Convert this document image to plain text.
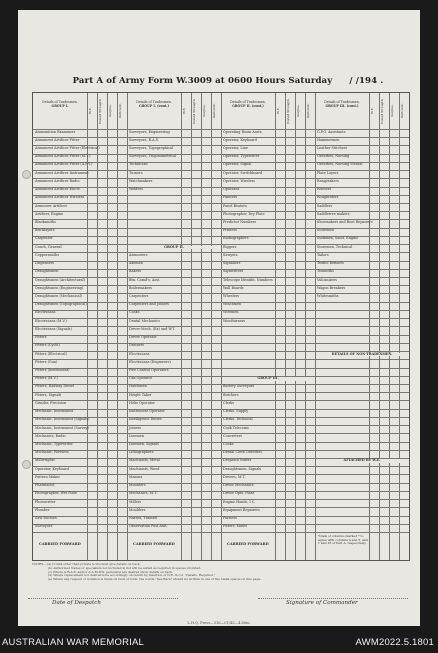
Part A of Army Form W.3009 at 0600 Hours Saturday / /194 .
Details of Tradesmen.
GROUP I.
W.E.	Posted Strength.	Surplus.	Deficient.
Ammunition Examiners
Armament Artificer Fitter
Armament Artificer Fitter (Electrical)
Armament Artificer Fitter (M.T.)
Armament Artificer Fitter (A.F.V.)
Armament Artificer Instrument
Armament Artificer Radio
Armament Artificer Electr
Armament Artificer Wireless
Armourer Artificer
Artificer, Engine
Blacksmiths
Bricklayers
Carpenter
Coach, General
Coppersmiths
Dispensers
Draughtsmen
Draughtsmen (Architectural)
Draughtsmen (Engineering)
Draughtsmen (Mechanical)
Draughtsmen (Topographical)
Electricians
Electricians (M.V.)
Electricians (Signals)
Fitters
Fitters (Cycle)
Fitters (Electrical)
Fitters (Gun)
Fitters (Instrument)
Fitters (M.V.)
Fitters, Railway Diesel
Fitters, Signals
Grinder, Precision
Mechanic, Instrument
Mechanic, Instrument (Signals)
Mechanic, Instrument (Survey)
Mechanics, Radio
Mechanic, Typewriter
Mechanic, Wireless
Millwrights
Operator, Keyboard
Pattern Maker
Pharmacist
Photographer, Wet Plate
Photowriter
Plumber
Saw Doctors
Surveyors
CARRIED FORWARD
Details of Tradesmen.
GROUP I. (cont.)
W.E.	Posted Strength.	Surplus.	Deficient.
Surveyors, Engineering
Surveyors, R.A.S.
Surveyors, Topographical
Surveyors, Trigonometrical
Technician
Turners
Watchmakers
Welders
GROUP II.
Armourers
Axemen
Bakers
Btn. Comd's, Asst.
Boilermakers
Carpenters
Carpenters and Joiners
Cooks
Dental Mechanics
Driver-Mech. (Ex) and W.T.
Driver Operator
Drainers
Electricians
Electricians (Engineers)
Fire Control Operators
Gas Operator
Hatchmen
Height Taker
Helio Operator
Instrument Operator
Intelligence Duties
Joiners
Linemen
Linemen, Signals
Lithographers
Machinists, Metal
Machinists, Wood
Masons
Mounters
Mechanics, M.T.
Millers
Moulders
Nurses, Trained
Observation Post Asst.
CARRIED FORWARD
Details of Tradesmen.
GROUP II. (cont.)
W.E.	Posted Strength.	Surplus.	Deficient.
Operating Room Assts.
Operator, Keyboard
Operator, Line
Operator, Typewriter
Operator, Signal
Operator, Switchboard
Operator, Wireless
Opticians
Painters
Panel Beaters
Photographer, Dry Plate
Predictor Numbers
Printers
Radiographers
Riggers
Sawyers
Signallers
Signwriters
Telescope Identifn. Numbers
Wall Boards
Wheelers
Winchmen
Wiremen
Woodturners
GROUP III.
Battery Surveyors
Butchers
Clerks
Clerks, Supply
Clerks, Technical
Cook Telecoms
Concreters
Cooks
Dental Clerk Orderlies
Despatch Riders
Draughtsmen, Signals
Drivers, M.T.
Driver Mechanics
Driver Opts. Plant
Engine Hands, I.C.
Equipment Repairers
Farriers
Fitters' Mates
CARRIED FORWARD
Details of Tradesmen.
GROUP III. (cont.)
W.E.	Posted Strength.	Surplus.	Deficient.
G.P.O. Assistants
Hammermen
Leather Stitchers
Orderlies, Nursing
Orderlies, Nursing Mental
Plate Layers
Rangetakers
Riveters
Roughriders
Saddlers
Saddletree makers
Shoemakers and Boot Repairers
Storemen
Sudsmen, Sanit. Engine
Storemen, Technical
Tailors
Textile Refiners
Tinsmiths
Vulcanizers
Wagon Breakers
Whitesmiths
DETAILS OF NON-TRADESMEN.
ATTACHED BY W.E.
Totals of columns marked * to agree with columns 4 and 5, and 1 and 16 of Part A, respectively.
NOTES.—(a) If rank other than private is involved give details on back.
(b) Authorized trades or specialists not included in list will be added as required in spaces provided.
(c) Where A.W.A.S. and/or A.A.M.W.S. personnel are desired show details on back.
(d) Where replacement not desired note accordingly on return by insertion of N.R. in col. "Details, Required."
(e) Where any request or notation is made on back of form, the words "See Back" should be written in one of the blank spaces on this page.
Date of Despatch	Signature of Commander
L.H.Q. Press—316—01/45—4.66m.
AUSTRALIAN WAR MEMORIAL	AWM2022.5.1801
